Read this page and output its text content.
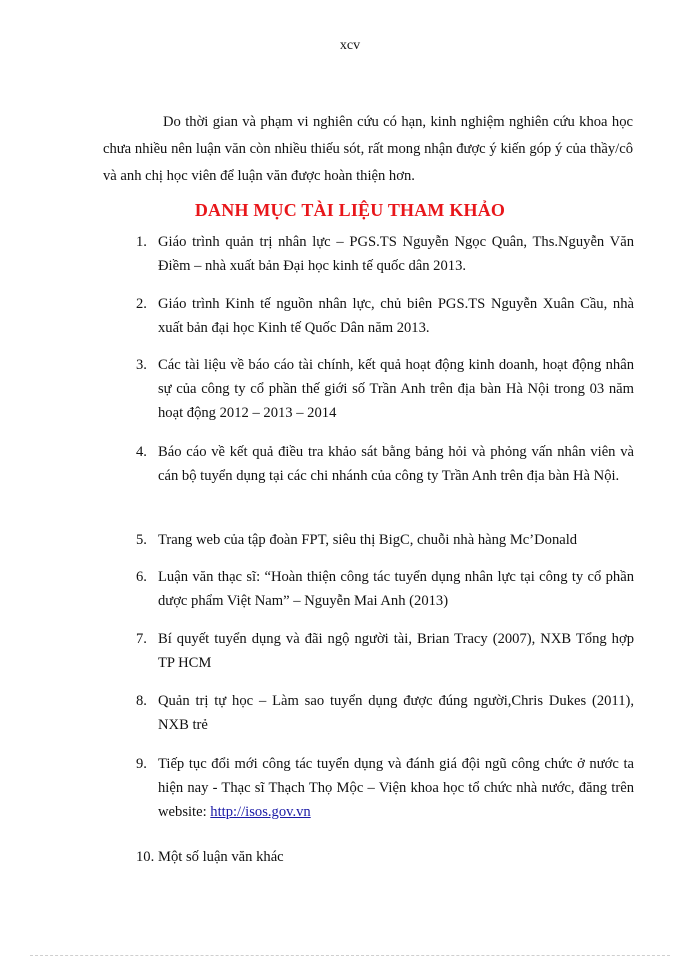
xcv

Do thời gian và phạm vi nghiên cứu có hạn, kinh nghiệm nghiên cứu khoa học chưa nhiều nên luận văn còn nhiều thiếu sót, rất mong nhận được ý kiến góp ý của thầy/cô và anh chị học viên để luận văn được hoàn thiện hơn.

DANH MỤC TÀI LIỆU THAM KHẢO
1. Giáo trình quản trị nhân lực – PGS.TS Nguyễn Ngọc Quân, Ths.Nguyễn Văn Điềm – nhà xuất bản Đại học kinh tế quốc dân 2013.
2. Giáo trình Kinh tế nguồn nhân lực, chủ biên PGS.TS Nguyễn Xuân Cầu, nhà xuất bản đại học Kinh tế Quốc Dân năm 2013.
3. Các tài liệu về báo cáo tài chính, kết quả hoạt động kinh doanh, hoạt động nhân sự của công ty cổ phần thế giới số Trần Anh trên địa bàn Hà Nội trong 03 năm hoạt động 2012 – 2013 – 2014
4. Báo cáo về kết quả điều tra khảo sát bằng bảng hỏi và phỏng vấn nhân viên và cán bộ tuyển dụng tại các chi nhánh của công ty Trần Anh trên địa bàn Hà Nội.
5. Trang web của tập đoàn FPT, siêu thị BigC, chuỗi nhà hàng Mc’Donald
6. Luận văn thạc sĩ: “Hoàn thiện công tác tuyển dụng nhân lực tại công ty cổ phần dược phẩm Việt Nam” – Nguyễn Mai Anh (2013)
7. Bí quyết tuyển dụng và đãi ngộ người tài, Brian Tracy (2007), NXB Tổng hợp TP HCM
8. Quản trị tự học – Làm sao tuyển dụng được đúng người,Chris Dukes (2011), NXB trẻ
9. Tiếp tục đổi mới công tác tuyển dụng và đánh giá đội ngũ công chức ở nước ta hiện nay - Thạc sĩ Thạch Thọ Mộc – Viện khoa học tổ chức nhà nước, đăng trên website: http://isos.gov.vn
10. Một số luận văn khác
